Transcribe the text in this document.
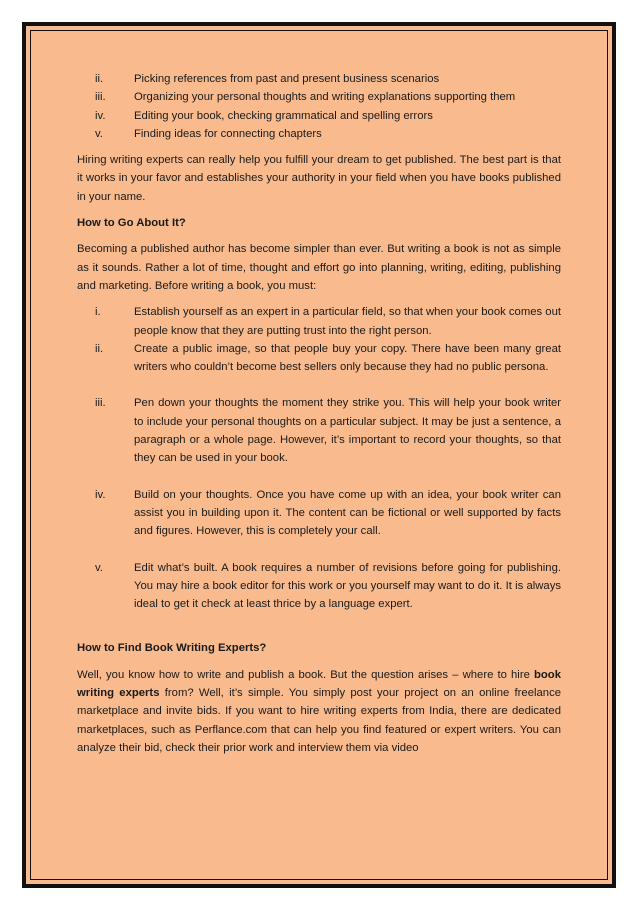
ii.	Picking references from past and present business scenarios
iii.	Organizing your personal thoughts and writing explanations supporting them
iv.	Editing your book, checking grammatical and spelling errors
v.	Finding ideas for connecting chapters

Hiring writing experts can really help you fulfill your dream to get published. The best part is that it works in your favor and establishes your authority in your field when you have books published in your name.

How to Go About It?

Becoming a published author has become simpler than ever. But writing a book is not as simple as it sounds. Rather a lot of time, thought and effort go into planning, writing, editing, publishing and marketing. Before writing a book, you must:

i.	Establish yourself as an expert in a particular field, so that when your book comes out people know that they are putting trust into the right person.
ii.	Create a public image, so that people buy your copy. There have been many great writers who couldn’t become best sellers only because they had no public persona.
iii.	Pen down your thoughts the moment they strike you. This will help your book writer to include your personal thoughts on a particular subject. It may be just a sentence, a paragraph or a whole page. However, it’s important to record your thoughts, so that they can be used in your book.
iv.	Build on your thoughts. Once you have come up with an idea, your book writer can assist you in building upon it. The content can be fictional or well supported by facts and figures. However, this is completely your call.
v.	Edit what’s built. A book requires a number of revisions before going for publishing. You may hire a book editor for this work or you yourself may want to do it. It is always ideal to get it check at least thrice by a language expert.

How to Find Book Writing Experts?

Well, you know how to write and publish a book. But the question arises – where to hire book writing experts from? Well, it’s simple. You simply post your project on an online freelance marketplace and invite bids. If you want to hire writing experts from India, there are dedicated marketplaces, such as Perflance.com that can help you find featured or expert writers. You can analyze their bid, check their prior work and interview them via video
